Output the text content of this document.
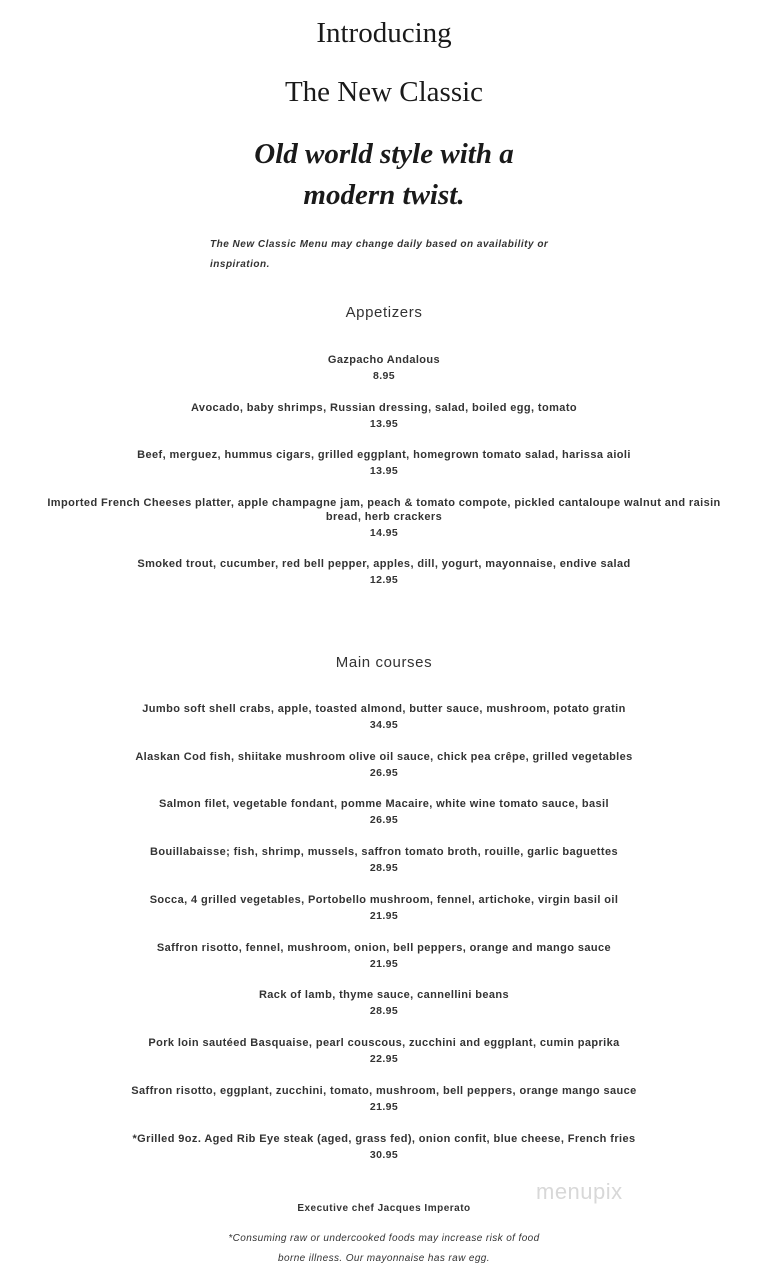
Introducing
The New Classic
Old world style with a
modern twist.
The New Classic Menu may change daily based on availability or inspiration.
Appetizers
Gazpacho Andalous
8.95
Avocado, baby shrimps, Russian dressing, salad, boiled egg, tomato
13.95
Beef, merguez, hummus cigars, grilled eggplant, homegrown tomato salad, harissa aioli
13.95
Imported French Cheeses platter, apple champagne jam, peach & tomato compote, pickled cantaloupe walnut and raisin bread, herb crackers
14.95
Smoked trout, cucumber, red bell pepper, apples, dill, yogurt, mayonnaise, endive salad
12.95
Main courses
Jumbo soft shell crabs, apple, toasted almond, butter sauce, mushroom, potato gratin
34.95
Alaskan Cod fish, shiitake mushroom olive oil sauce, chick pea crêpe, grilled vegetables
26.95
Salmon filet, vegetable fondant, pomme Macaire, white wine tomato sauce, basil
26.95
Bouillabaisse; fish, shrimp, mussels, saffron tomato broth, rouille, garlic baguettes
28.95
Socca, 4 grilled vegetables, Portobello mushroom, fennel, artichoke, virgin basil oil
21.95
Saffron risotto, fennel, mushroom, onion, bell peppers, orange and mango sauce
21.95
Rack of lamb, thyme sauce, cannellini beans
28.95
Pork loin sautéed Basquaise, pearl couscous, zucchini and eggplant, cumin paprika
22.95
Saffron risotto, eggplant, zucchini, tomato, mushroom, bell peppers, orange mango sauce
21.95
*Grilled 9oz. Aged Rib Eye steak (aged, grass fed), onion confit, blue cheese, French fries
30.95
menupix
Executive chef Jacques Imperato
*Consuming raw or undercooked foods may increase risk of food borne illness. Our mayonnaise has raw egg.
